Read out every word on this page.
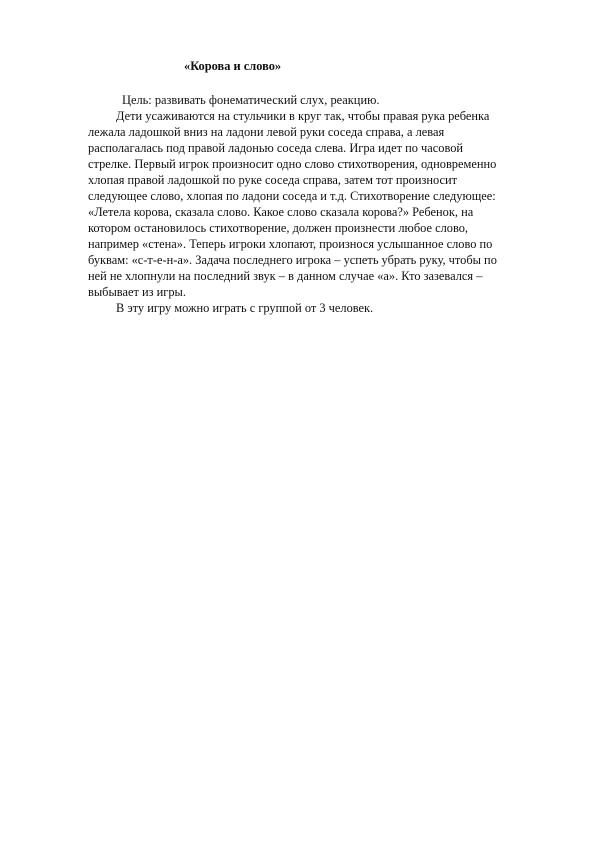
«Корова и слово»

Цель: развивать фонематический слух, реакцию.

Дети усаживаются на стульчики в круг так, чтобы правая рука ребенка

лежала ладошкой вниз на ладони левой руки соседа справа, а левая

располагалась под правой ладонью соседа слева. Игра идет по часовой

стрелке. Первый игрок произносит одно слово стихотворения, одновременно

хлопая правой ладошкой по руке соседа справа, затем тот произносит

следующее слово, хлопая по ладони соседа и т.д. Стихотворение следующее:

«Летела корова, сказала слово. Какое слово сказала корова?» Ребенок, на

котором остановилось стихотворение, должен произнести любое слово,

например «стена». Теперь игроки хлопают, произнося услышанное слово по

буквам: «с-т-е-н-а». Задача последнего игрока – успеть убрать руку, чтобы по

ней не хлопнули на последний звук – в данном случае «а». Кто зазевался –

выбывает из игры.

В эту игру можно играть с группой от 3 человек.
